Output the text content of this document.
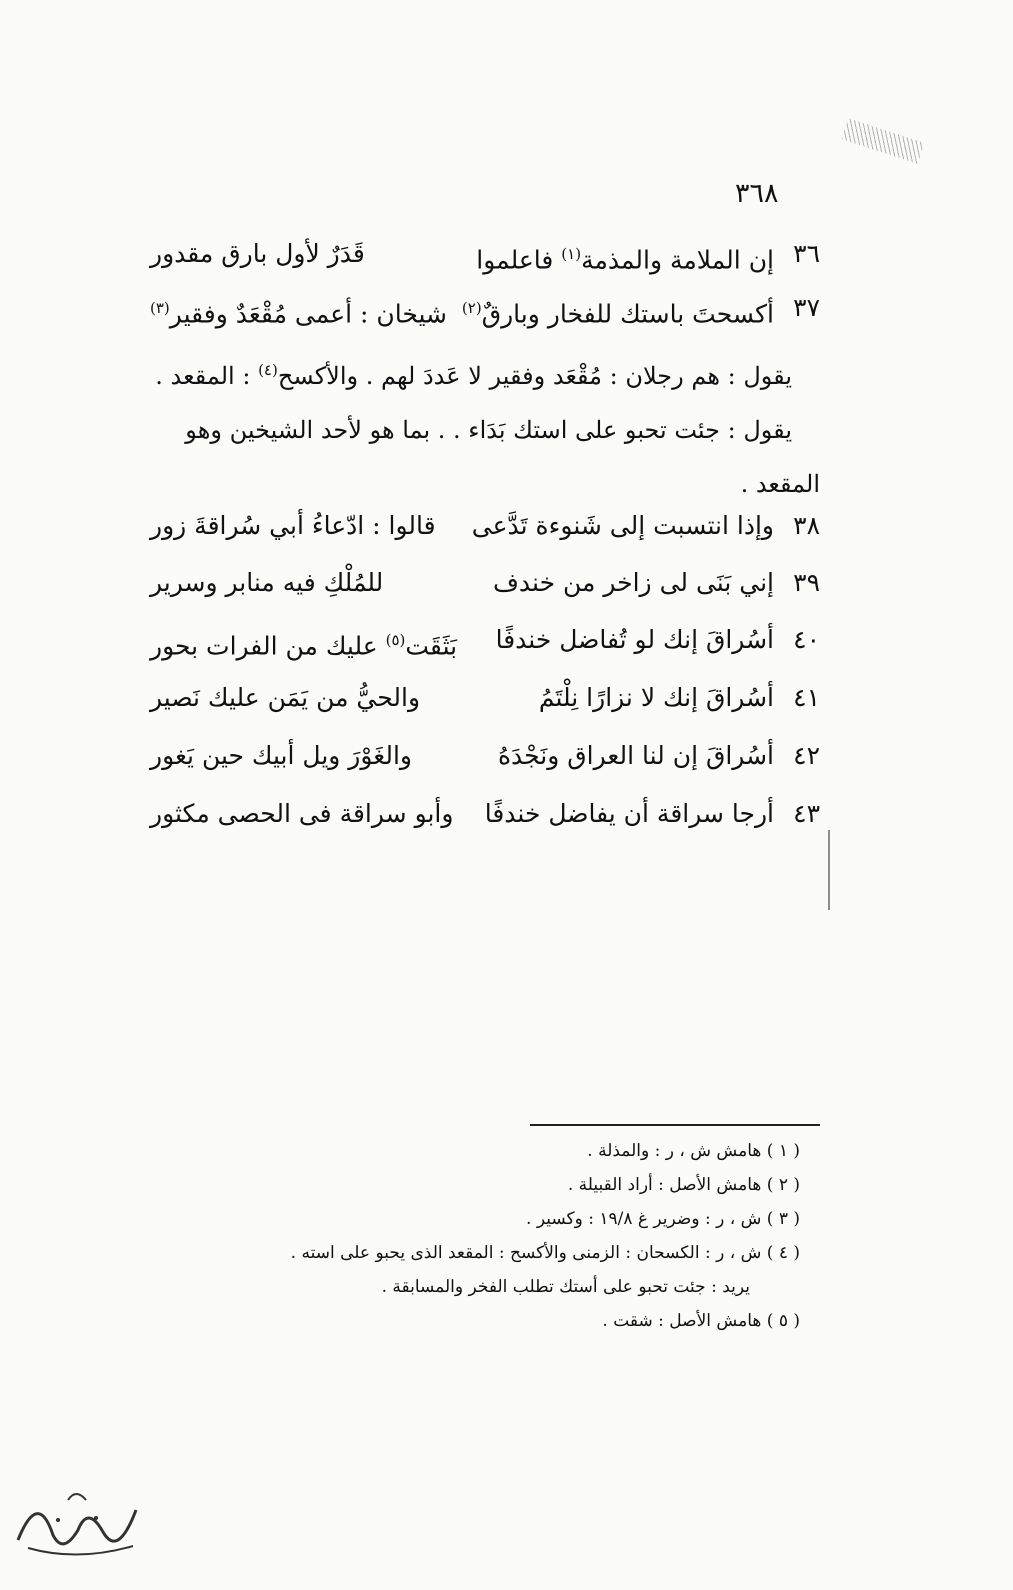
٣٦٨
٣٦
إن الملامة والمذمة$^{(١)}$ فاعلموا
قَدَرٌ لأول بارق مقدور
٣٧
أكسحتَ باستك للفخار وبارقٌ$^{(٢)}$
شيخان : أعمى مُقْعَدٌ وفقير$^{(٣)}$

يقول : هم رجلان : مُقْعَد وفقير لا عَددَ لهم . والأكسح$^{(٤)}$ : المقعد .

يقول : جئت تحبو على استك بَدَاء . . بما هو لأحد الشيخين وهو المقعد .

٣٨
وإذا انتسبت إلى شَنوءة تَدَّعى
قالوا : ادّعاءُ أبي سُراقةَ زور
٣٩
إني بَنَى لى زاخر من خندف
للمُلْكِ فيه منابر وسرير
٤٠
أسُراقَ إنك لو تُفاضل خندفًا
بَثَقَت$^{(٥)}$ عليك من الفرات بحور
٤١
أسُراقَ إنك لا نزارًا نِلْتَمُ
والحيُّ من يَمَن عليك نَصير
٤٢
أسُراقَ إن لنا العراق ونَجْدَهُ
والغَوْرَ ويل أبيك حين يَغور
٤٣
أرجا سراقة أن يفاضل خندفًا
وأبو سراقة فى الحصى مكثور
( ١ ) هامش ش ، ر : والمذلة .
( ٢ ) هامش الأصل : أراد القبيلة .
( ٣ ) ش ، ر : وضرير غ ١٩/٨ : وكسير .
( ٤ ) ش ، ر : الكسحان : الزمنى والأكسح : المقعد الذى يحبو على استه .
يريد : جئت تحبو على أستك تطلب الفخر والمسابقة .
( ٥ ) هامش الأصل : شقت .
